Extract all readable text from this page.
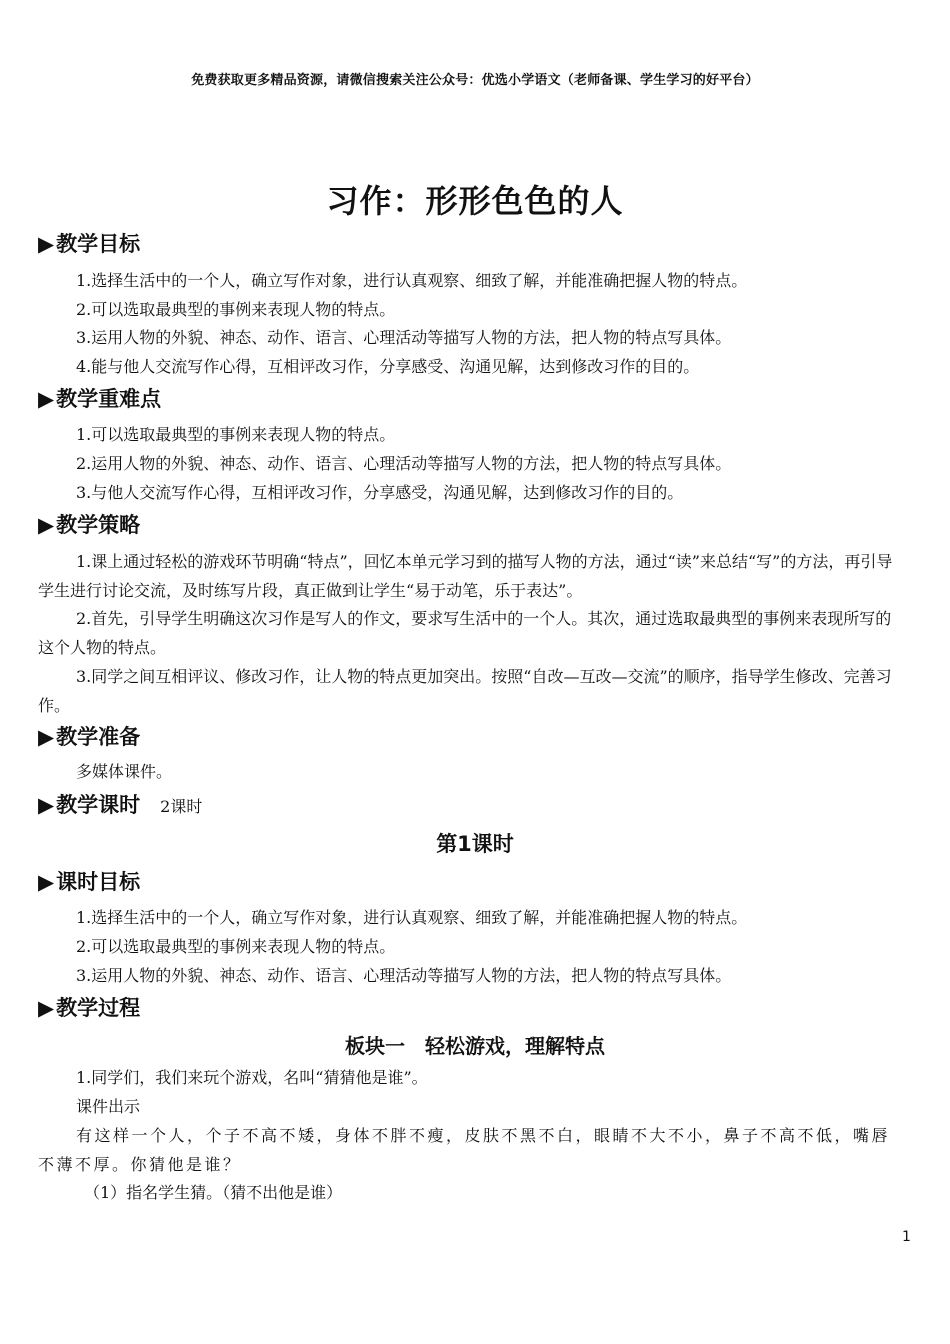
免费获取更多精品资源，请微信搜索关注公众号：优选小学语文（老师备课、学生学习的好平台）
习作：形形色色的人
▶教学目标
1.选择生活中的一个人，确立写作对象，进行认真观察、细致了解，并能准确把握人物的特点。
2.可以选取最典型的事例来表现人物的特点。
3.运用人物的外貌、神态、动作、语言、心理活动等描写人物的方法，把人物的特点写具体。
4.能与他人交流写作心得，互相评改习作，分享感受、沟通见解，达到修改习作的目的。
▶教学重难点
1.可以选取最典型的事例来表现人物的特点。
2.运用人物的外貌、神态、动作、语言、心理活动等描写人物的方法，把人物的特点写具体。
3.与他人交流写作心得，互相评改习作，分享感受，沟通见解，达到修改习作的目的。
▶教学策略
1.课上通过轻松的游戏环节明确“特点”，回忆本单元学习到的描写人物的方法，通过“读”来总结“写”的方法，再引导学生进行讨论交流，及时练写片段，真正做到让学生“易于动笔，乐于表达”。
2.首先，引导学生明确这次习作是写人的作文，要求写生活中的一个人。其次，通过选取最典型的事例来表现所写的这个人物的特点。
3.同学之间互相评议、修改习作，让人物的特点更加突出。按照“自改—互改—交流”的顺序，指导学生修改、完善习作。
▶教学准备
多媒体课件。
▶教学课时 2课时
第1课时
▶课时目标
1.选择生活中的一个人，确立写作对象，进行认真观察、细致了解，并能准确把握人物的特点。
2.可以选取最典型的事例来表现人物的特点。
3.运用人物的外貌、神态、动作、语言、心理活动等描写人物的方法，把人物的特点写具体。
▶教学过程
板块一　轻松游戏，理解特点
1.同学们，我们来玩个游戏，名叫“猜猜他是谁”。
课件出示
有这样一个人，个子不高不矮，身体不胖不瘦，皮肤不黑不白，眼睛不大不小，鼻子不高不低，嘴唇不薄不厚。你猜他是谁？
（1）指名学生猜。（猜不出他是谁）
1
